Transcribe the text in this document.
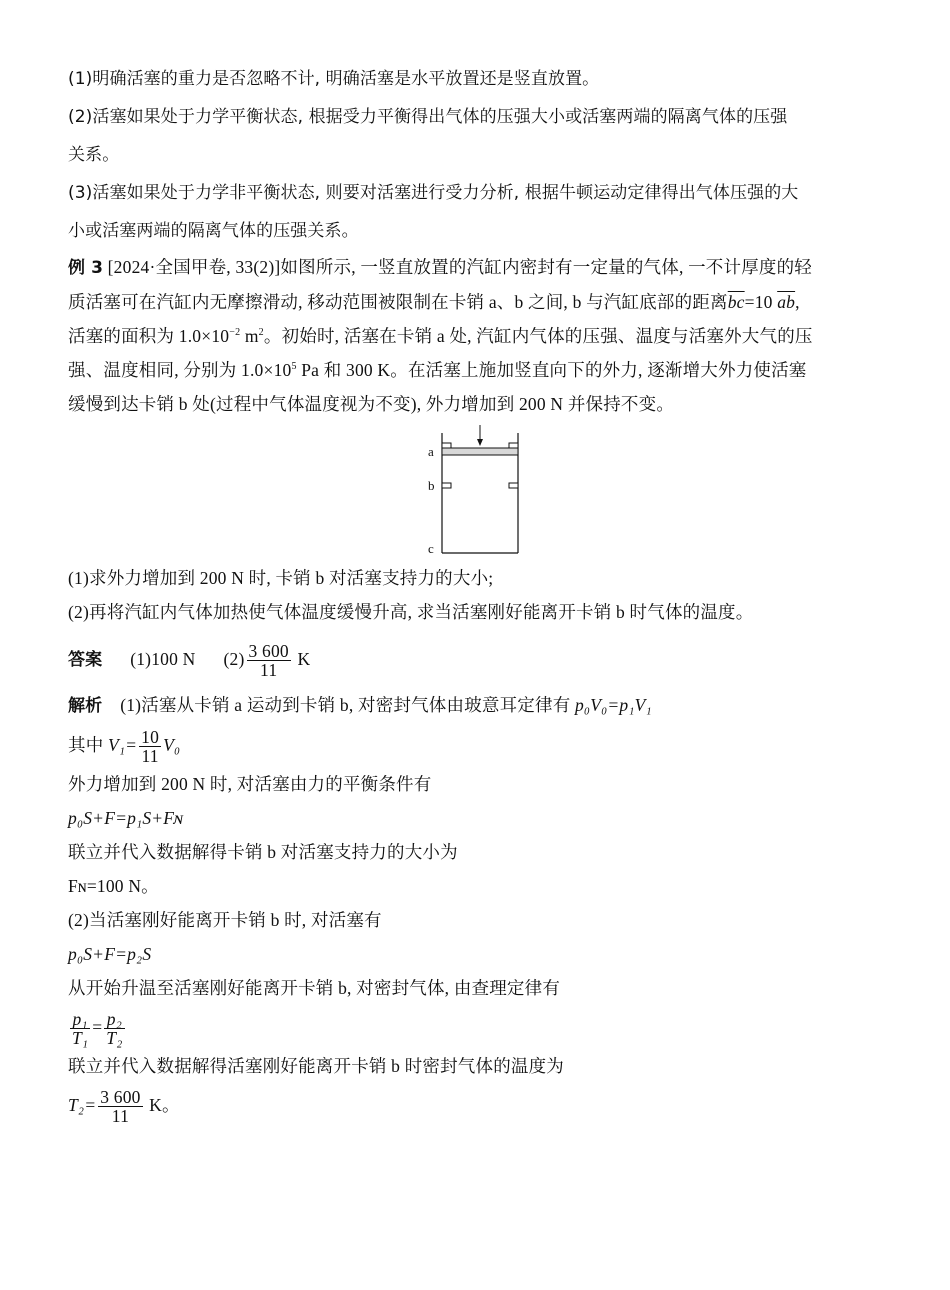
(1)明确活塞的重力是否忽略不计, 明确活塞是水平放置还是竖直放置。
(2)活塞如果处于力学平衡状态, 根据受力平衡得出气体的压强大小或活塞两端的隔离气体的压强
关系。
(3)活塞如果处于力学非平衡状态, 则要对活塞进行受力分析, 根据牛顿运动定律得出气体压强的大
小或活塞两端的隔离气体的压强关系。
例 3 [2024·全国甲卷, 33(2)]如图所示, 一竖直放置的汽缸内密封有一定量的气体, 一不计厚度的轻
质活塞可在汽缸内无摩擦滑动, 移动范围被限制在卡销 a、b 之间, b 与汽缸底部的距离$\overline{bc}=10$ $\overline{ab}$,
活塞的面积为 $1.0\times 10^{-2}$ $m^2$。初始时, 活塞在卡销 a 处, 汽缸内气体的压强、温度与活塞外大气的压
强、温度相同, 分别为 $1.0\times 10^5$ Pa 和 300 K。在活塞上施加竖直向下的外力, 逐渐增大外力使活塞
缓慢到达卡销 b 处(过程中气体温度视为不变), 外力增加到 200 N 并保持不变。
a
b
c
(1)求外力增加到 200 N 时, 卡销 b 对活塞支持力的大小;
(2)再将汽缸内气体加热使气体温度缓慢升高, 求当活塞刚好能离开卡销 b 时气体的温度。
答案 (1)100 N $(2) \frac{3 600}{11}$ K
解析 (1)活塞从卡销 a 运动到卡销 b, 对密封气体由玻意耳定律有 p₀V₀=p₁V₁
其中 $V_1= \frac{10}{11} V_0$
外力增加到 200 N 时, 对活塞由力的平衡条件有
p₀S+F=p₁S+Fɴ
联立并代入数据解得卡销 b 对活塞支持力的大小为
Fɴ=100 N。
(2)当活塞刚好能离开卡销 b 时, 对活塞有
p₀S+F=p₂S
从开始升温至活塞刚好能离开卡销 b, 对密封气体, 由查理定律有
$\frac{\text{p₁}}{\text{T₁}} = \frac{\text{p₂}}{\text{T₂}}$
联立并代入数据解得活塞刚好能离开卡销 b 时密封气体的温度为
$T_2= \frac{3 600}{11}$ K。
